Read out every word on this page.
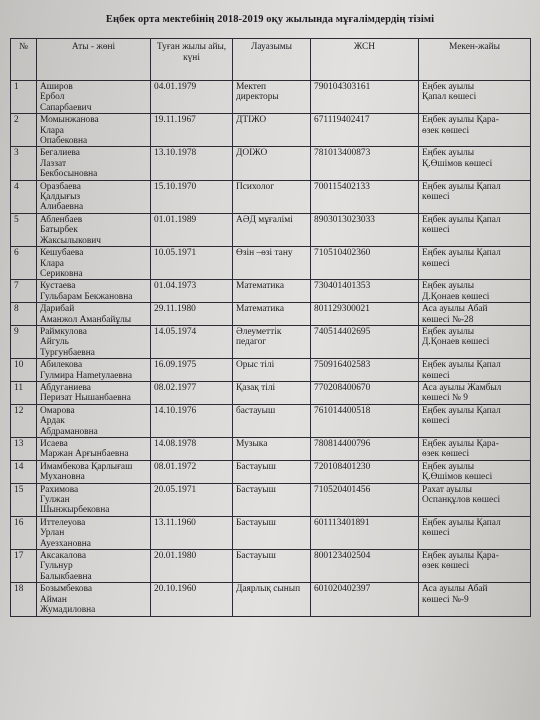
Еңбек орта мектебінің 2018-2019 оқу жылында мұғалімдердің тізімі
№	Аты - жөні	Туған жылы айы, күні	Лауазымы	ЖСН	Мекен-жайы
1	Аширов
Ербол
Сапарбаевич	04.01.1979	Мектеп
директоры	790104303161	Еңбек ауылы
Қапал көшесі

2	Момынжанова
Клара
Опабековна	19.11.1967	ДТІЖО	671119402417	Еңбек ауылы Қара-
өзек көшесі

3	Бегалиева
Лаззат
Бекбосыновна	13.10.1978	ДОІЖО	781013400873	Еңбек ауылы
Қ.Өшімов көшесі

4	Оразбаева
Қалдығыз
Алибаевна	15.10.1970	Психолог	700115402133	Еңбек ауылы Қапал
көшесі

5	Абленбаев
Батырбек
Жаксылыкович	01.01.1989	АӘД мұғалімі	8903013023033	Еңбек ауылы Қапал
көшесі

6	Кешубаева
Клара
Сериковна	10.05.1971	Өзін –өзі тану	710510402360	Еңбек ауылы Қапал
көшесі

7	Кустаева
Гульбарам Бекжановна	01.04.1973	Математика	730401401353	Еңбек ауылы
Д.Қонаев көшесі

8	Дарибай
Аманжол Аманбайұлы	29.11.1980	Математика	801129300021	Аса ауылы Абай
көшесі №-28

9	Раймкулова
Айгуль
Тургунбаевна	14.05.1974	Әлеуметтік
педагог	740514402695	Еңбек ауылы
Д.Қонаев көшесі

10	Абилекова
Гулмира Нametулаевна	16.09.1975	Орыс тілі	750916402583	Еңбек ауылы Қапал
көшесі

11	Абдуганиева
Перизат Нышанбаевна	08.02.1977	Қазақ тілі	770208400670	Аса ауылы Жамбыл
көшесі № 9

12	Омарова
Ардак
Абдрамановна	14.10.1976	бастауыш	761014400518	Еңбек ауылы Қапал
көшесі

13	Исаева
Маржан Арғынбаевна	14.08.1978	Музыка	780814400796	Еңбек ауылы Қара-
өзек көшесі

14	Имамбекова Қарлығаш
Мухановна	08.01.1972	Бастауыш	720108401230	Еңбек ауылы
Қ.Өшімов көшесі

15	Рахимова
Гулжан
Шынжырбековна	20.05.1971	Бастауыш	710520401456	Рахат ауылы
Оспанқұлов көшесі

16	Иттелеуова
Урлан
Ауезхановна	13.11.1960	Бастауыш	601113401891	Еңбек ауылы Қапал
көшесі

17	Аксакалова
Гульнур
Балыкбаевна	20.01.1980	Бастауыш	800123402504	Еңбек ауылы Қара-
өзек көшесі

18	Бозымбекова
Айман
Жумадиловна	20.10.1960	Даярлық сынып	601020402397	Аса ауылы Абай
көшесі №-9
